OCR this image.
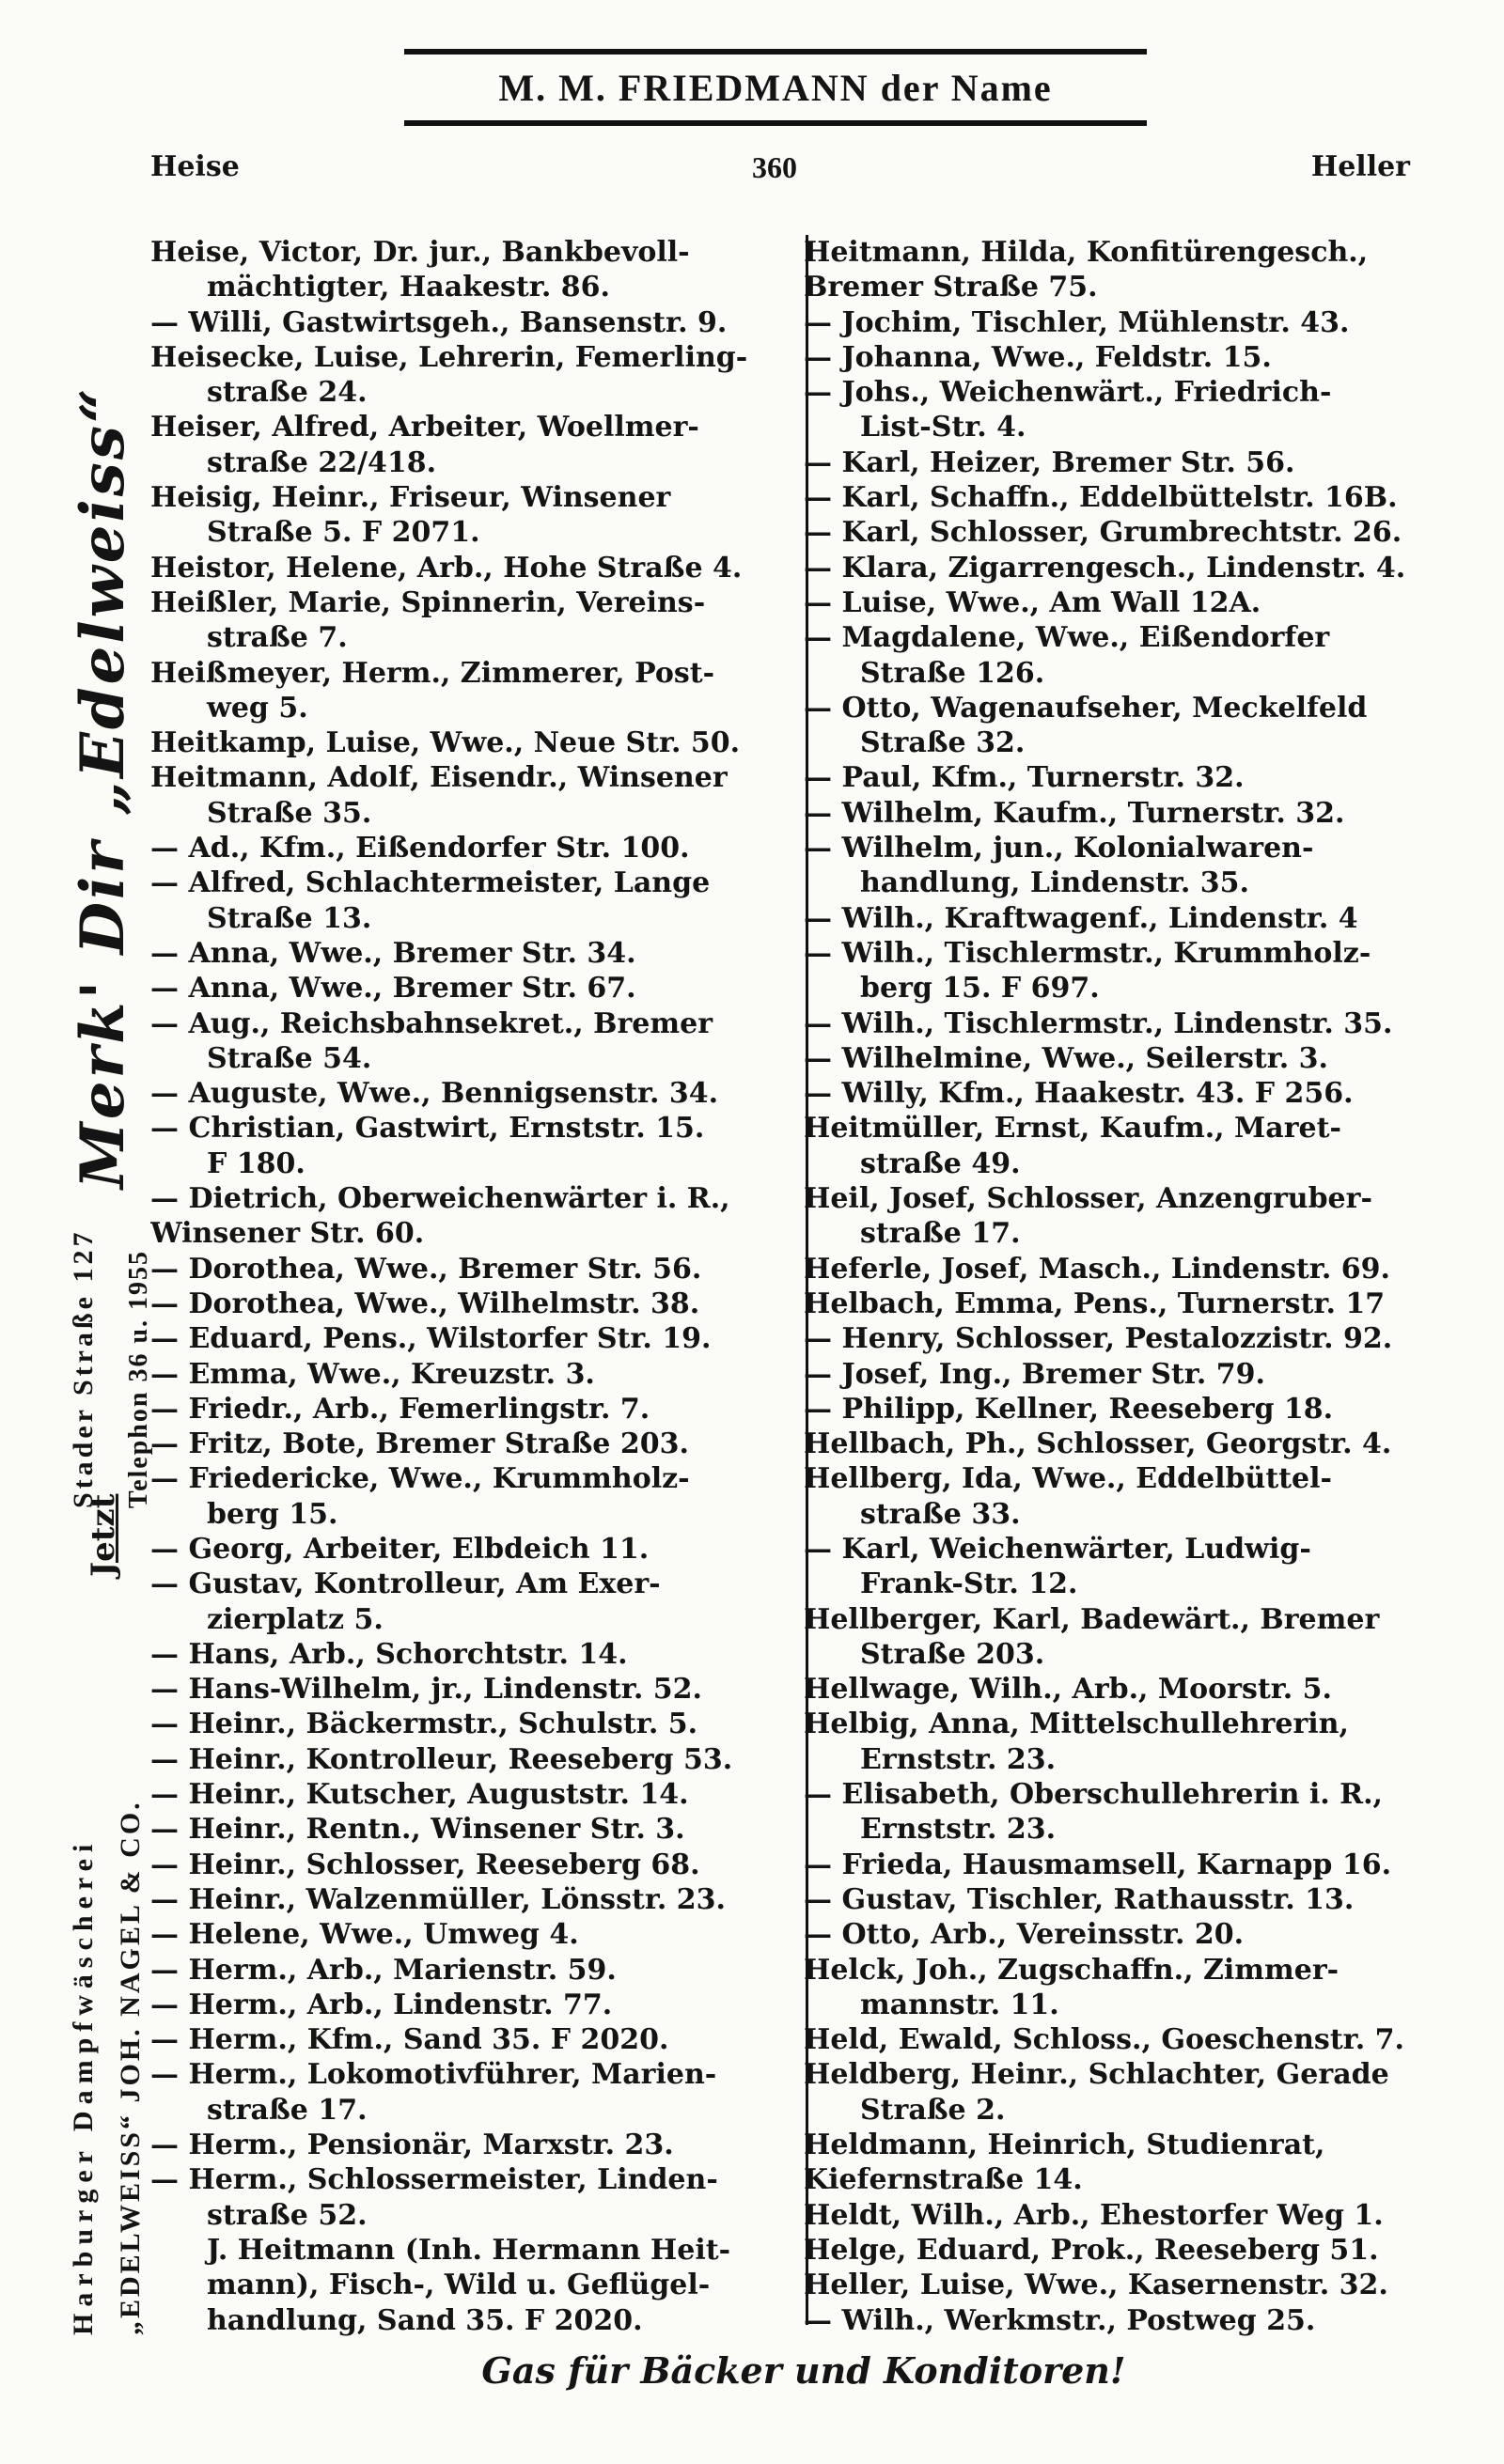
M. M. FRIEDMANN der Name
Heise	360	Heller
Merk' Dir „Edelweiss“
Stader Straße 127 Telephon 36 u. 1955
Jetzt
Harburger Dampfwäscherei „EDELWEISS“ JOH. NAGEL & CO.
Heise, Victor, Dr. jur., Bankbevoll-
mächtigter, Haakestr. 86.
— Willi, Gastwirtsgeh., Bansenstr. 9.
Heisecke, Luise, Lehrerin, Femerling-
straße 24.
Heiser, Alfred, Arbeiter, Woellmer-
straße 22/418.
Heisig, Heinr., Friseur, Winsener
Straße 5. F 2071.
Heistor, Helene, Arb., Hohe Straße 4.
Heißler, Marie, Spinnerin, Vereins-
straße 7.
Heißmeyer, Herm., Zimmerer, Post-
weg 5.
Heitkamp, Luise, Wwe., Neue Str. 50.
Heitmann, Adolf, Eisendr., Winsener
Straße 35.
— Ad., Kfm., Eißendorfer Str. 100.
— Alfred, Schlachtermeister, Lange
Straße 13.
— Anna, Wwe., Bremer Str. 34.
— Anna, Wwe., Bremer Str. 67.
— Aug., Reichsbahnsekret., Bremer
Straße 54.
— Auguste, Wwe., Bennigsenstr. 34.
— Christian, Gastwirt, Ernststr. 15.
F 180.
— Dietrich, Oberweichenwärter i. R.,
Winsener Str. 60.
— Dorothea, Wwe., Bremer Str. 56.
— Dorothea, Wwe., Wilhelmstr. 38.
— Eduard, Pens., Wilstorfer Str. 19.
— Emma, Wwe., Kreuzstr. 3.
— Friedr., Arb., Femerlingstr. 7.
— Fritz, Bote, Bremer Straße 203.
— Friedericke, Wwe., Krummholz-
berg 15.
— Georg, Arbeiter, Elbdeich 11.
— Gustav, Kontrolleur, Am Exer-
zierplatz 5.
— Hans, Arb., Schorchtstr. 14.
— Hans-Wilhelm, jr., Lindenstr. 52.
— Heinr., Bäckermstr., Schulstr. 5.
— Heinr., Kontrolleur, Reeseberg 53.
— Heinr., Kutscher, Auguststr. 14.
— Heinr., Rentn., Winsener Str. 3.
— Heinr., Schlosser, Reeseberg 68.
— Heinr., Walzenmüller, Lönsstr. 23.
— Helene, Wwe., Umweg 4.
— Herm., Arb., Marienstr. 59.
— Herm., Arb., Lindenstr. 77.
— Herm., Kfm., Sand 35. F 2020.
— Herm., Lokomotivführer, Marien-
straße 17.
— Herm., Pensionär, Marxstr. 23.
— Herm., Schlossermeister, Linden-
straße 52.
J. Heitmann (Inh. Hermann Heit-
mann), Fisch-, Wild u. Geflügel-
handlung, Sand 35. F 2020.
Heitmann, Hilda, Konfitürengesch.,
Bremer Straße 75.
— Jochim, Tischler, Mühlenstr. 43.
— Johanna, Wwe., Feldstr. 15.
— Johs., Weichenwärt., Friedrich-
List-Str. 4.
— Karl, Heizer, Bremer Str. 56.
— Karl, Schaffn., Eddelbüttelstr. 16B.
— Karl, Schlosser, Grumbrechtstr. 26.
— Klara, Zigarrengesch., Lindenstr. 4.
— Luise, Wwe., Am Wall 12A.
— Magdalene, Wwe., Eißendorfer
Straße 126.
— Otto, Wagenaufseher, Meckelfeld
Straße 32.
— Paul, Kfm., Turnerstr. 32.
— Wilhelm, Kaufm., Turnerstr. 32.
— Wilhelm, jun., Kolonialwaren-
handlung, Lindenstr. 35.
— Wilh., Kraftwagenf., Lindenstr. 4
— Wilh., Tischlermstr., Krummholz-
berg 15. F 697.
— Wilh., Tischlermstr., Lindenstr. 35.
— Wilhelmine, Wwe., Seilerstr. 3.
— Willy, Kfm., Haakestr. 43. F 256.
Heitmüller, Ernst, Kaufm., Maret-
straße 49.
Heil, Josef, Schlosser, Anzengruber-
straße 17.
Heferle, Josef, Masch., Lindenstr. 69.
Helbach, Emma, Pens., Turnerstr. 17
— Henry, Schlosser, Pestalozzistr. 92.
— Josef, Ing., Bremer Str. 79.
— Philipp, Kellner, Reeseberg 18.
Hellbach, Ph., Schlosser, Georgstr. 4.
Hellberg, Ida, Wwe., Eddelbüttel-
straße 33.
— Karl, Weichenwärter, Ludwig-
Frank-Str. 12.
Hellberger, Karl, Badewärt., Bremer
Straße 203.
Hellwage, Wilh., Arb., Moorstr. 5.
Helbig, Anna, Mittelschullehrerin,
Ernststr. 23.
— Elisabeth, Oberschullehrerin i. R.,
Ernststr. 23.
— Frieda, Hausmamsell, Karnapp 16.
— Gustav, Tischler, Rathausstr. 13.
— Otto, Arb., Vereinsstr. 20.
Helck, Joh., Zugschaffn., Zimmer-
mannstr. 11.
Held, Ewald, Schloss., Goeschenstr. 7.
Heldberg, Heinr., Schlachter, Gerade
Straße 2.
Heldmann, Heinrich, Studienrat,
Kiefernstraße 14.
Heldt, Wilh., Arb., Ehestorfer Weg 1.
Helge, Eduard, Prok., Reeseberg 51.
Heller, Luise, Wwe., Kasernenstr. 32.
— Wilh., Werkmstr., Postweg 25.
Gas für Bäcker und Konditoren!
